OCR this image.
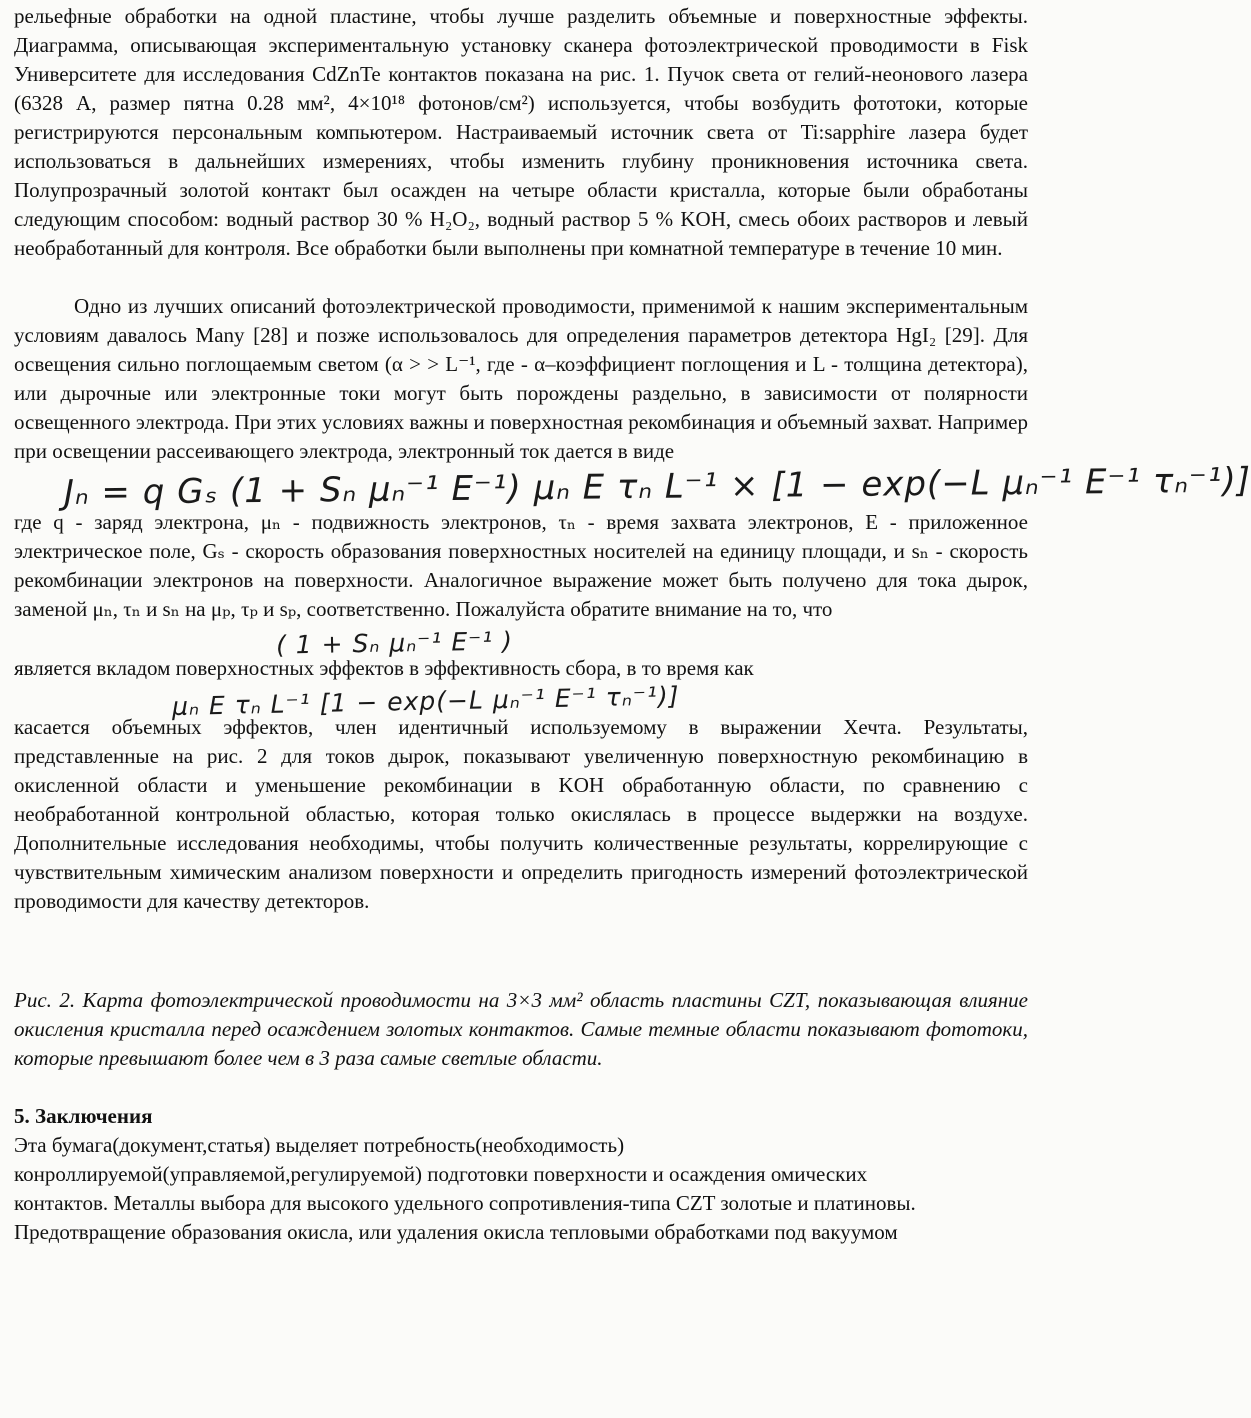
рельефные обработки на одной пластине, чтобы лучше разделить объемные и поверхностные эффекты. Диаграмма, описывающая экспериментальную установку сканера фотоэлектрической проводимости в Fisk Университете для исследования CdZnTe контактов показана на рис. 1. Пучок света от гелий-неонового лазера (6328 A, размер пятна 0.28 мм², 4×10¹⁸ фотонов/см²) используется, чтобы возбудить фототоки, которые регистрируются персональным компьютером. Настраиваемый источник света от Ti:sapphire лазера будет использоваться в дальнейших измерениях, чтобы изменить глубину проникновения источника света. Полупрозрачный золотой контакт был осажден на четыре области кристалла, которые были обработаны следующим способом: водный раствор 30 % H₂O₂, водный раствор 5 % KOH, смесь обоих растворов и левый необработанный для контроля. Все обработки были выполнены при комнатной температуре в течение 10 мин.

Одно из лучших описаний фотоэлектрической проводимости, применимой к нашим экспериментальным условиям давалось Many [28] и позже использовалось для определения параметров детектора HgI₂ [29]. Для освещения сильно поглощаемым светом (α > > L⁻¹, где - α–коэффициент поглощения и L - толщина детектора), или дырочные или электронные токи могут быть порождены раздельно, в зависимости от полярности освещенного электрода. При этих условиях важны и поверхностная рекомбинация и объемный захват. Например при освещении рассеивающего электрода, электронный ток дается в виде

Jₙ = q Gₛ (1 + Sₙ μₙ⁻¹ E⁻¹) μₙ E τₙ L⁻¹ × [1 − exp(−L μₙ⁻¹ E⁻¹ τₙ⁻¹)]

где q - заряд электрона, μₙ - подвижность электронов, τₙ - время захвата электронов, E - приложенное электрическое поле, Gₛ - скорость образования поверхностных носителей на единицу площади, и sₙ - скорость рекомбинации электронов на поверхности. Аналогичное выражение может быть получено для тока дырок, заменой μₙ, τₙ и sₙ на μₚ, τₚ и sₚ, соответственно. Пожалуйста обратите внимание на то, что

( 1 + Sₙ μₙ⁻¹ E⁻¹ )

является вкладом поверхностных эффектов в эффективность сбора, в то время как

μₙ E τₙ L⁻¹ [1 − exp(−L μₙ⁻¹ E⁻¹ τₙ⁻¹)]

касается объемных эффектов, член идентичный используемому в выражении Хечта. Результаты, представленные на рис. 2 для токов дырок, показывают увеличенную поверхностную рекомбинацию в окисленной области и уменьшение рекомбинации в KOH обработанную области, по сравнению с необработанной контрольной областью, которая только окислялась в процессе выдержки на воздухе. Дополнительные исследования необходимы, чтобы получить количественные результаты, коррелирующие с чувствительным химическим анализом поверхности и определить пригодность измерений фотоэлектрической проводимости для качеству детекторов.

Рис. 2. Карта фотоэлектрической проводимости на 3×3 мм² область пластины CZT, показывающая влияние окисления кристалла перед осаждением золотых контактов. Самые темные области показывают фототоки, которые превышают более чем в 3 раза самые светлые области.

5. Заключения

Эта бумага(документ,статья) выделяет потребность(необходимость)

конроллируемой(управляемой,регулируемой) подготовки поверхности и осаждения омических

контактов. Металлы выбора для высокого удельного сопротивления-типа CZT золотые и платиновы.

Предотвращение образования окисла, или удаления окисла тепловыми обработками под вакуумом
